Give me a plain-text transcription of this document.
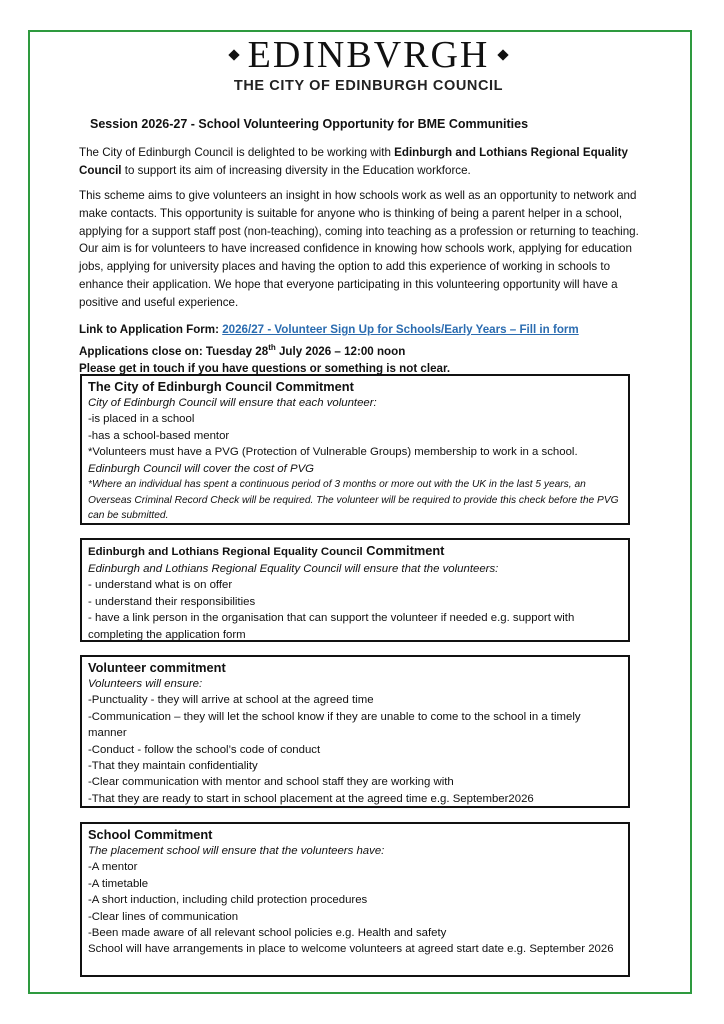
EDINBVRGH
THE CITY OF EDINBURGH COUNCIL
Session 2026-27 - School Volunteering Opportunity for BME Communities

The City of Edinburgh Council is delighted to be working with Edinburgh and Lothians Regional Equality Council to support its aim of increasing diversity in the Education workforce.

This scheme aims to give volunteers an insight in how schools work as well as an opportunity to network and make contacts. This opportunity is suitable for anyone who is thinking of being a parent helper in a school, applying for a support staff post (non-teaching), coming into teaching as a profession or returning to teaching. Our aim is for volunteers to have increased confidence in knowing how schools work, applying for education jobs, applying for university places and having the option to add this experience of working in schools to enhance their application. We hope that everyone participating in this volunteering opportunity will have a positive and useful experience.

Link to Application Form: 2026/27 - Volunteer Sign Up for Schools/Early Years – Fill in form
Applications close on: Tuesday 28th July 2026 – 12:00 noon
Please get in touch if you have questions or something is not clear.
The City of Edinburgh Council Commitment
City of Edinburgh Council will ensure that each volunteer:
-is placed in a school
-has a school-based mentor
*Volunteers must have a PVG (Protection of Vulnerable Groups) membership to work in a school.
Edinburgh Council will cover the cost of PVG
*Where an individual has spent a continuous period of 3 months or more out with the UK in the last 5 years, an Overseas Criminal Record Check will be required. The volunteer will be required to provide this check before the PVG can be submitted.
Edinburgh and Lothians Regional Equality Council Commitment
Edinburgh and Lothians Regional Equality Council will ensure that the volunteers:
- understand what is on offer
- understand their responsibilities
- have a link person in the organisation that can support the volunteer if needed e.g. support with completing the application form
Volunteer commitment
Volunteers will ensure:
-Punctuality - they will arrive at school at the agreed time
-Communication – they will let the school know if they are unable to come to the school in a timely manner
-Conduct - follow the school’s code of conduct
-That they maintain confidentiality
-Clear communication with mentor and school staff they are working with
-That they are ready to start in school placement at the agreed time e.g. September2026
School Commitment
The placement school will ensure that the volunteers have:
-A mentor
-A timetable
-A short induction, including child protection procedures
-Clear lines of communication
-Been made aware of all relevant school policies e.g. Health and safety
School will have arrangements in place to welcome volunteers at agreed start date e.g. September 2026
